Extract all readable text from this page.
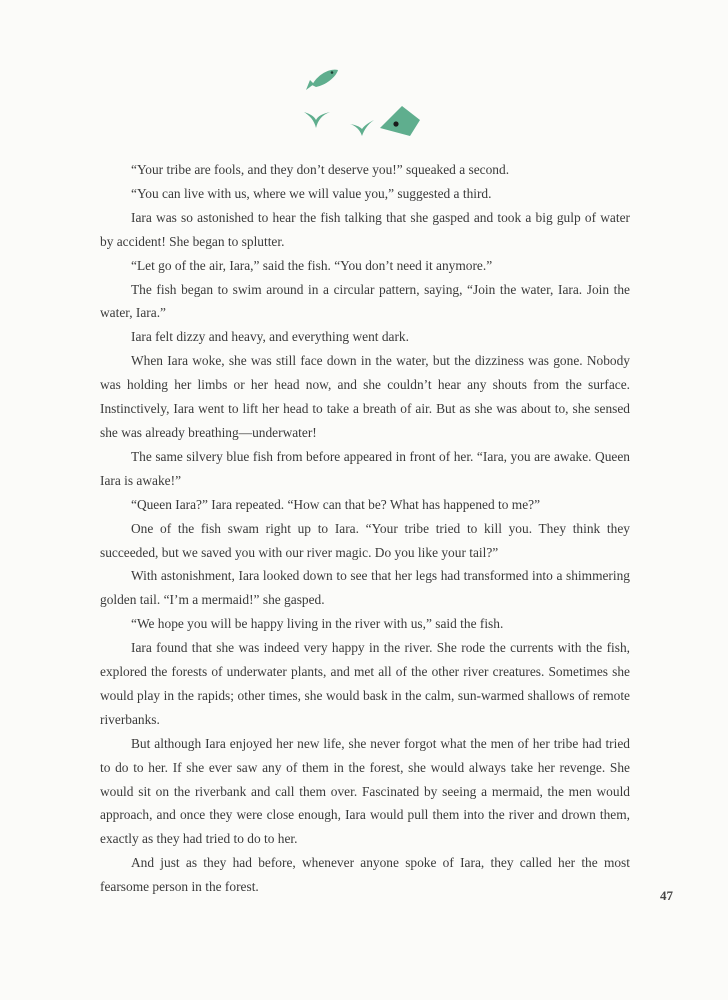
“Your tribe are fools, and they don’t deserve you!” squeaked a second.

“You can live with us, where we will value you,” suggested a third.

Iara was so astonished to hear the fish talking that she gasped and took a big gulp of water by accident! She began to splutter.

“Let go of the air, Iara,” said the fish. “You don’t need it anymore.”

The fish began to swim around in a circular pattern, saying, “Join the water, Iara. Join the water, Iara.”

Iara felt dizzy and heavy, and everything went dark.

When Iara woke, she was still face down in the water, but the dizziness was gone. Nobody was holding her limbs or her head now, and she couldn’t hear any shouts from the surface. Instinctively, Iara went to lift her head to take a breath of air. But as she was about to, she sensed she was already breathing—underwater!

The same silvery blue fish from before appeared in front of her. “Iara, you are awake. Queen Iara is awake!”

“Queen Iara?” Iara repeated. “How can that be? What has happened to me?”

One of the fish swam right up to Iara. “Your tribe tried to kill you. They think they succeeded, but we saved you with our river magic. Do you like your tail?”

With astonishment, Iara looked down to see that her legs had transformed into a shimmering golden tail. “I’m a mermaid!” she gasped.

“We hope you will be happy living in the river with us,” said the fish.

Iara found that she was indeed very happy in the river. She rode the currents with the fish, explored the forests of underwater plants, and met all of the other river creatures. Sometimes she would play in the rapids; other times, she would bask in the calm, sun-warmed shallows of remote riverbanks.

But although Iara enjoyed her new life, she never forgot what the men of her tribe had tried to do to her. If she ever saw any of them in the forest, she would always take her revenge. She would sit on the riverbank and call them over. Fascinated by seeing a mermaid, the men would approach, and once they were close enough, Iara would pull them into the river and drown them, exactly as they had tried to do to her.

And just as they had before, whenever anyone spoke of Iara, they called her the most fearsome person in the forest.

47
